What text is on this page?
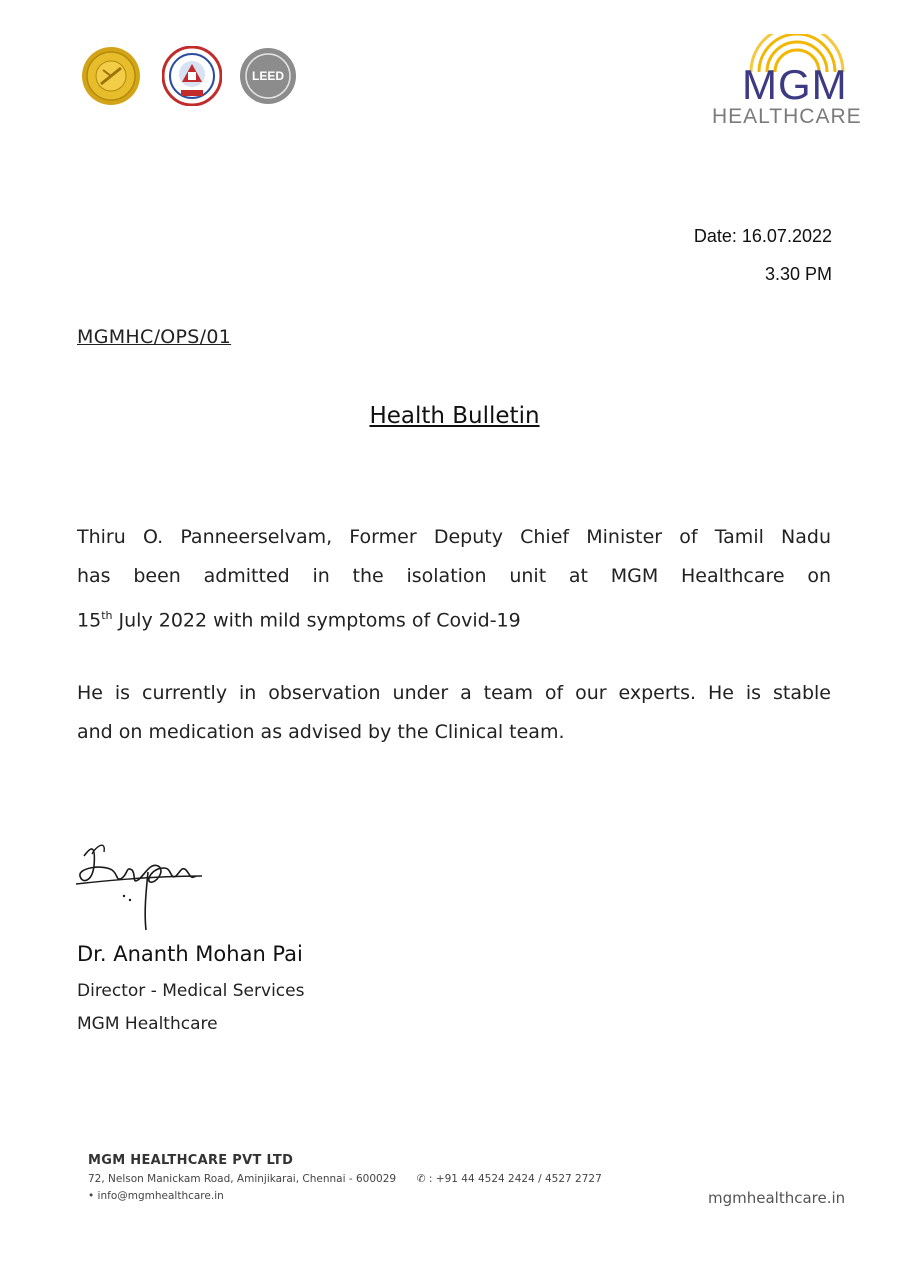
LEED	MGM
HEALTHCARE
Date: 16.07.2022
3.30 PM
MGMHC/OPS/01
Health Bulletin
Thiru O. Panneerselvam, Former Deputy Chief Minister of Tamil Nadu
has been admitted in the isolation unit at MGM Healthcare on
15th July 2022 with mild symptoms of Covid-19
He is currently in observation under a team of our experts. He is stable
and on medication as advised by the Clinical team.
Dr. Ananth Mohan Pai
Director - Medical Services
MGM Healthcare
MGM HEALTHCARE PVT LTD
72, Nelson Manickam Road, Aminjikarai, Chennai - 600029 ✆ : +91 44 4524 2424 / 4527 2727
• info@mgmhealthcare.in	mgmhealthcare.in
